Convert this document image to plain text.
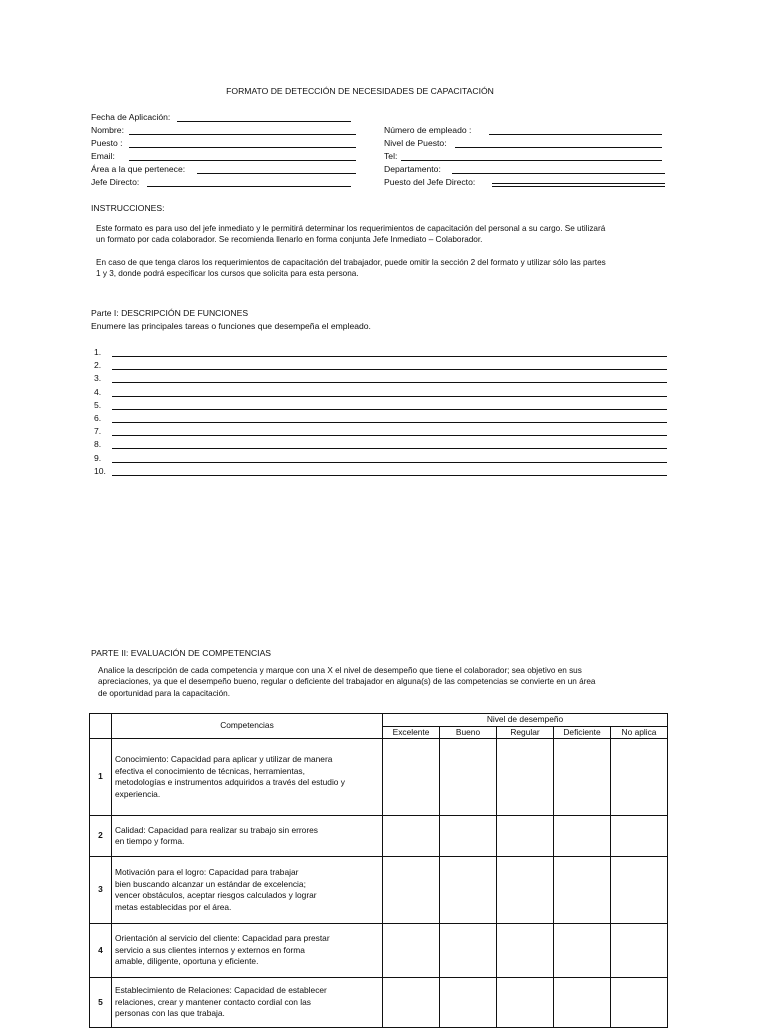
FORMATO DE DETECCIÓN DE NECESIDADES DE CAPACITACIÓN
Fecha de Aplicación:
Nombre:
Puesto :
Email:
Área a la que pertenece:
Jefe Directo:
Número de empleado :
Nivel de Puesto:
Tel:
Departamento:
Puesto del Jefe Directo:
INSTRUCCIONES:
Este formato es para uso del jefe inmediato y le permitirá determinar los requerimientos de capacitación del personal a su cargo. Se utilizará
un formato por cada colaborador. Se recomienda llenarlo en forma conjunta Jefe Inmediato – Colaborador.
En caso de que tenga claros los requerimientos de capacitación del trabajador, puede omitir la sección 2 del formato y utilizar sólo las partes
1 y 3, donde podrá especificar los cursos que solicita para esta persona.
Parte I: DESCRIPCIÓN DE FUNCIONES
Enumere las principales tareas o funciones que desempeña el empleado.
1.
2.
3.
4.
5.
6.
7.
8.
9.
10.
PARTE II: EVALUACIÓN DE COMPETENCIAS
Analice la descripción de cada competencia y marque con una X el nivel de desempeño que tiene el colaborador; sea objetivo en sus
apreciaciones, ya que el desempeño bueno, regular o deficiente del trabajador en alguna(s) de las competencias se convierte en un área
de oportunidad para la capacitación.
	Competencias	Nivel de desempeño				
		Excelente	Bueno	Regular	Deficiente	No aplica
1	Conocimiento: Capacidad para aplicar y utilizar de manera
efectiva el conocimiento de técnicas, herramientas,
metodologías e instrumentos adquiridos a través del estudio y
experiencia.					

2	Calidad: Capacidad para realizar su trabajo sin errores
en tiempo y forma.					

3	Motivación para el logro: Capacidad para trabajar
bien buscando alcanzar un estándar de excelencia;
vencer obstáculos, aceptar riesgos calculados y lograr
metas establecidas por el área.					

4	Orientación al servicio del cliente: Capacidad para prestar
servicio a sus clientes internos y externos en forma
amable, diligente, oportuna y eficiente.					

5	Establecimiento de Relaciones: Capacidad de establecer
relaciones, crear y mantener contacto cordial con las
personas con las que trabaja.					
